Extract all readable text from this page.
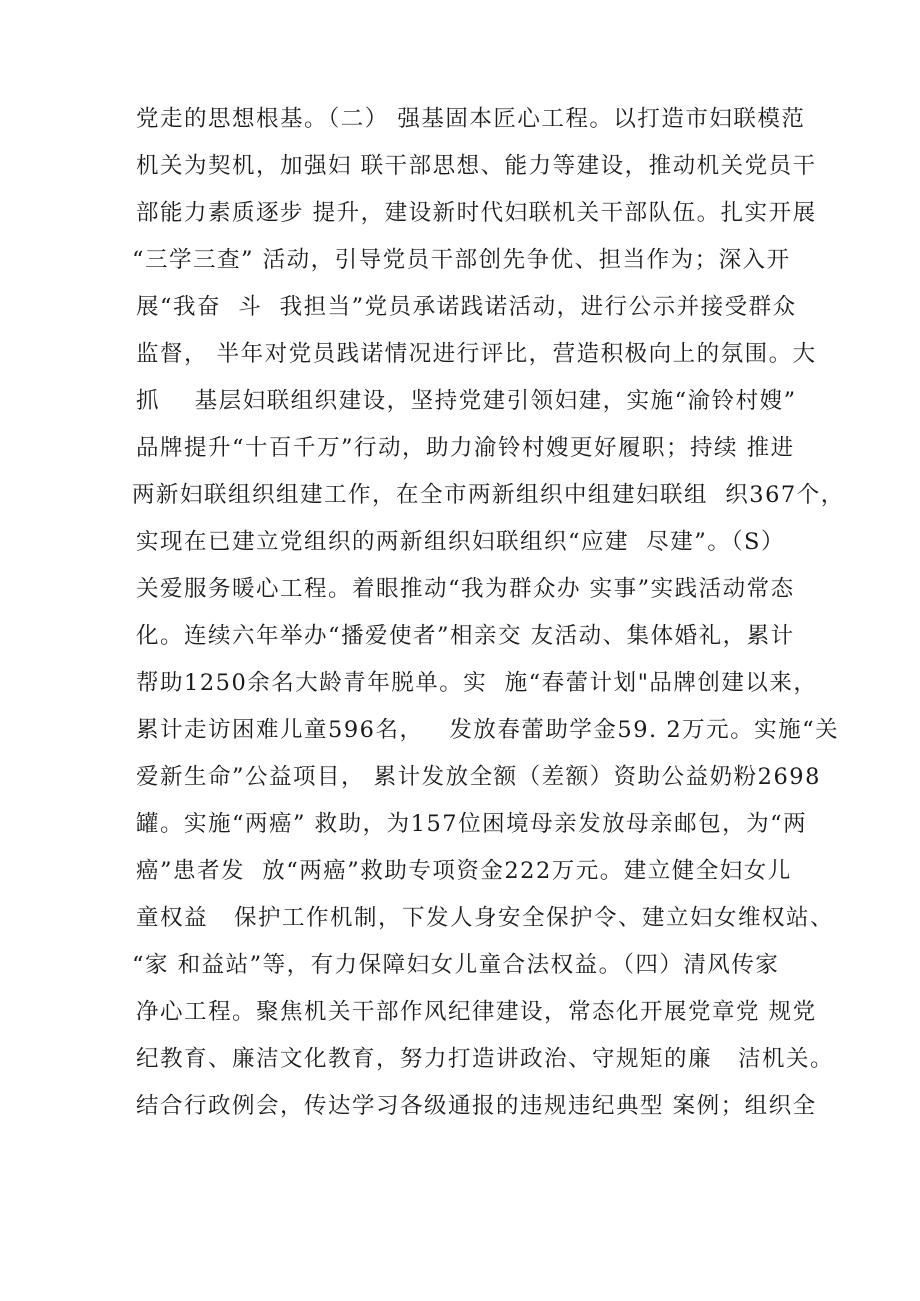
党走的思想根基。（二） 强基固本匠心工程。以打造市妇联模范
机关为契机，加强妇 联干部思想、能力等建设，推动机关党员干
部能力素质逐步 提升，建设新时代妇联机关干部队伍。扎实开展
“三学三查” 活动，引导党员干部创先争优、担当作为；深入开
展“我奋  斗  我担当”党员承诺践诺活动，进行公示并接受群众
监督， 半年对党员践诺情况进行评比，营造积极向上的氛围。大
抓    基层妇联组织建设，坚持党建引领妇建，实施“渝铃村嫂”
品牌提升“十百千万”行动，助力渝铃村嫂更好履职；持续 推进
两新妇联组织组建工作，在全市两新组织中组建妇联组  织367个，
实现在已建立党组织的两新组织妇联组织“应建  尽建”。（S）
关爱服务暖心工程。着眼推动“我为群众办 实事”实践活动常态
化。连续六年举办“播爱使者”相亲交 友活动、集体婚礼，累计
帮助1250余名大龄青年脱单。实  施“春蕾计划"品牌创建以来，
累计走访困难儿童596名，   发放春蕾助学金59. 2万元。实施“关
爱新生命”公益项目， 累计发放全额（差额）资助公益奶粉2698
罐。实施“两癌” 救助，为157位困境母亲发放母亲邮包，为“两
癌”患者发  放“两癌”救助专项资金222万元。建立健全妇女儿
童权益   保护工作机制，下发人身安全保护令、建立妇女维权站、
“家 和益站”等，有力保障妇女儿童合法权益。（四）清风传家
净心工程。聚焦机关干部作风纪律建设，常态化开展党章党 规党
纪教育、廉洁文化教育，努力打造讲政治、守规矩的廉   洁机关。
结合行政例会，传达学习各级通报的违规违纪典型 案例；组织全
